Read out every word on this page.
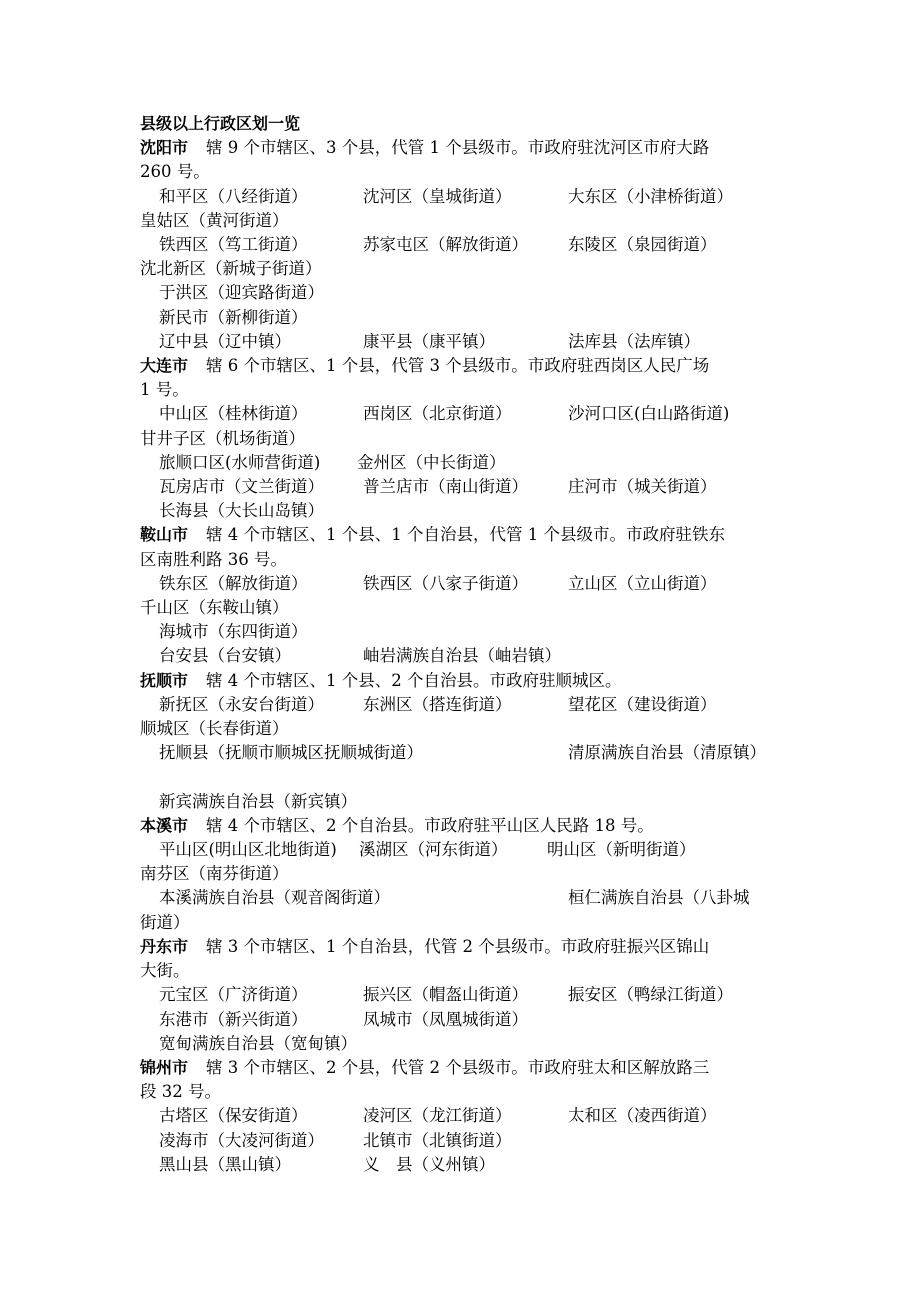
县级以上行政区划一览

沈阳市 辖 9 个市辖区、3 个县，代管 1 个县级市。市政府驻沈河区市府大路

260 号。

和平区（八经街道）	沈河区（皇城街道）	大东区（小津桥街道）

皇姑区（黄河街道）

铁西区（笃工街道）	苏家屯区（解放街道） 东陵区（泉园街道）

沈北新区（新城子街道）

于洪区（迎宾路街道）

新民市（新柳街道）

辽中县（辽中镇）	康平县（康平镇）	法库县（法库镇）

大连市 辖 6 个市辖区、1 个县，代管 3 个县级市。市政府驻西岗区人民广场

1 号。

中山区（桂林街道）	西岗区（北京街道）	沙河口区(白山路街道)

甘井子区（机场街道）

旅顺口区(水师营街道) 金州区（中长街道）

瓦房店市（文兰街道） 普兰店市（南山街道） 庄河市（城关街道）

长海县（大长山岛镇）

鞍山市 辖 4 个市辖区、1 个县、1 个自治县，代管 1 个县级市。市政府驻铁东

区南胜利路 36 号。

铁东区（解放街道）	铁西区（八家子街道） 立山区（立山街道）

千山区（东鞍山镇）

海城市（东四街道）

台安县（台安镇）	岫岩满族自治县（岫岩镇）

抚顺市 辖 4 个市辖区、1 个县、2 个自治县。市政府驻顺城区。

新抚区（永安台街道） 东洲区（搭连街道）	望花区（建设街道）

顺城区（长春街道）

抚顺县（抚顺市顺城区抚顺城街道）	清原满族自治县（清原镇）

新宾满族自治县（新宾镇）

本溪市 辖 4 个市辖区、2 个自治县。市政府驻平山区人民路 18 号。

平山区(明山区北地街道) 溪湖区（河东街道） 明山区（新明街道）

南芬区（南芬街道）

本溪满族自治县（观音阁街道）	桓仁满族自治县（八卦城

街道）

丹东市 辖 3 个市辖区、1 个自治县，代管 2 个县级市。市政府驻振兴区锦山

大街。

元宝区（广济街道）	振兴区（帽盔山街道） 振安区（鸭绿江街道）

东港市（新兴街道）	凤城市（凤凰城街道）

宽甸满族自治县（宽甸镇）

锦州市 辖 3 个市辖区、2 个县，代管 2 个县级市。市政府驻太和区解放路三

段 32 号。

古塔区（保安街道）	凌河区（龙江街道）	太和区（凌西街道）

凌海市（大凌河街道） 北镇市（北镇街道）

黑山县（黑山镇）	义　县（义州镇）
